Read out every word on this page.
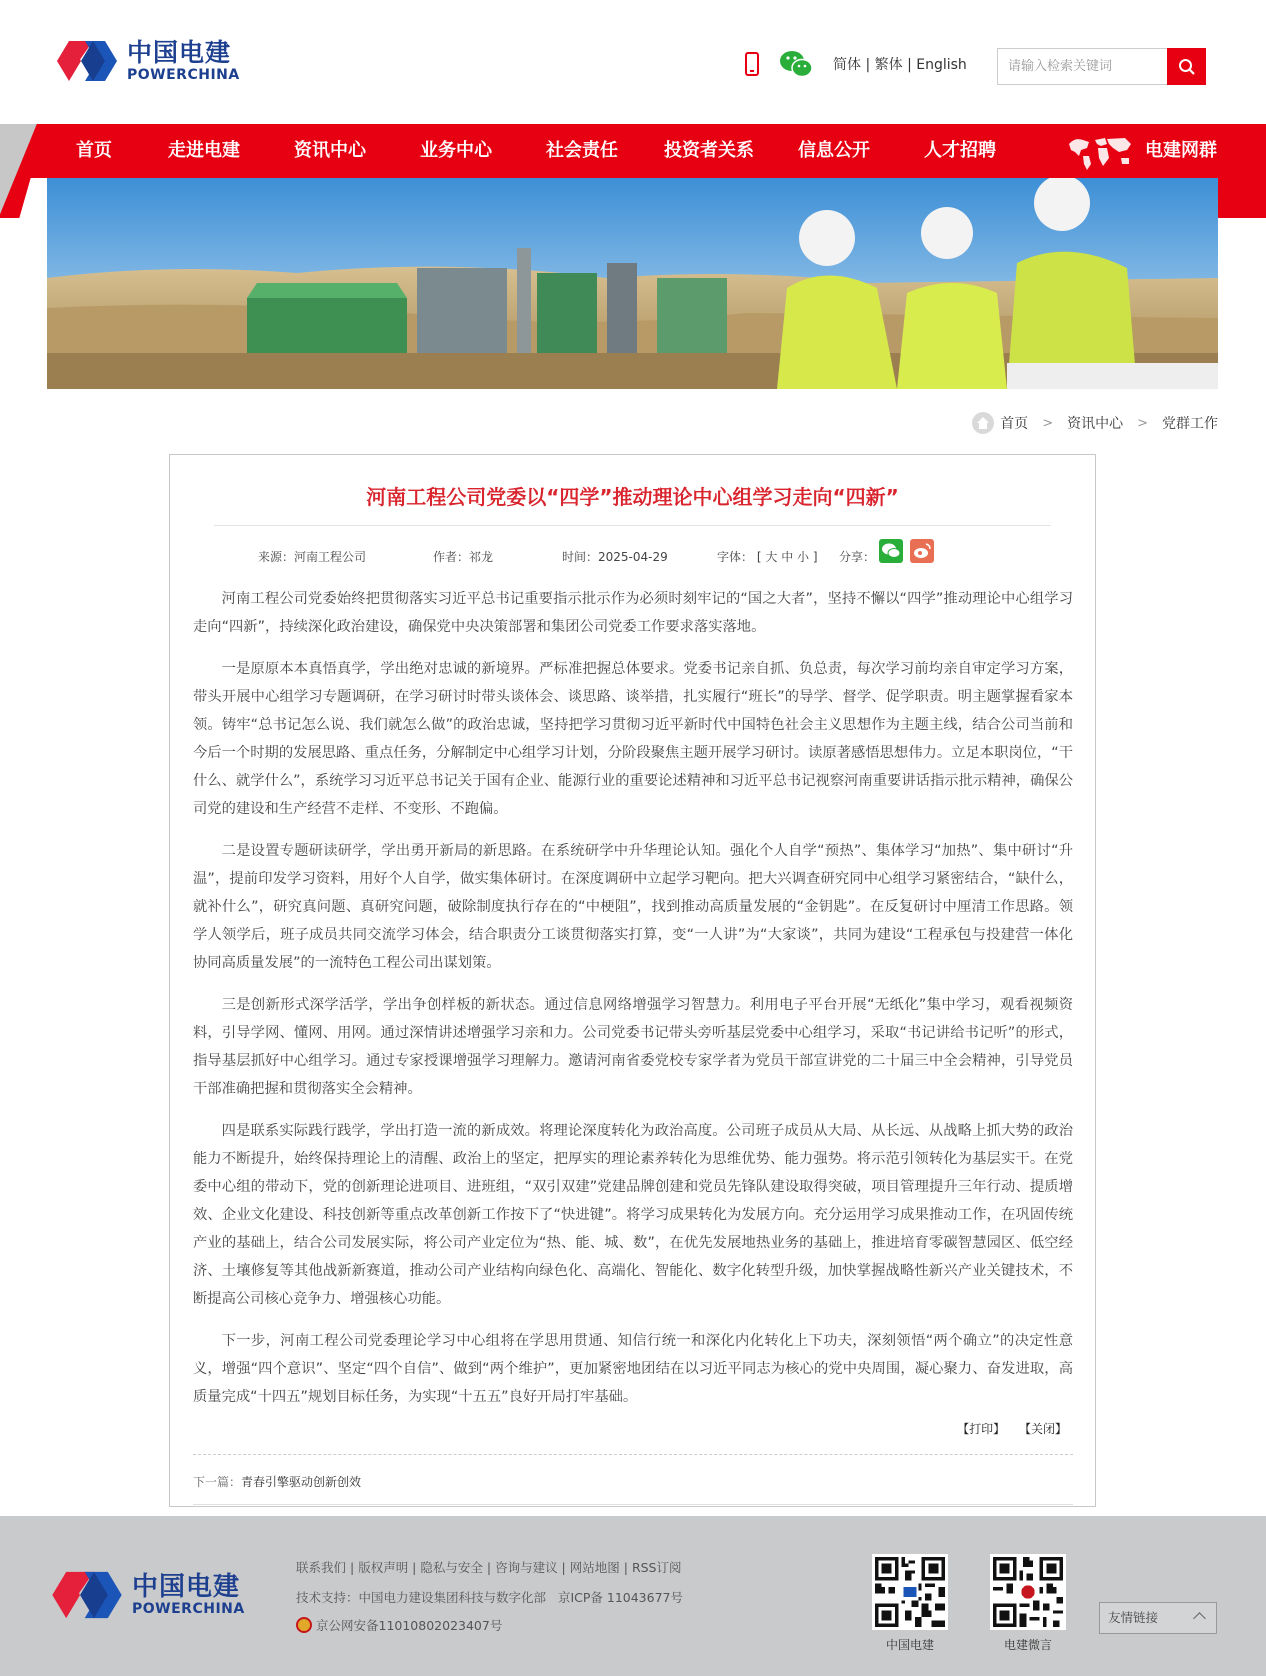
中国电建
POWERCHINA
简体 | 繁体 | English
请输入检索关键词
首页	走进电建	资讯中心	业务中心	社会责任	投资者关系 信息公开	人才招聘	电建网群
首页 > 资讯中心 > 党群工作
河南工程公司党委以“四学”推动理论中心组学习走向“四新”
来源：河南工程公司	作者：祁龙	时间：2025-04-29	字体： [ 大 中 小 ] 分享：

河南工程公司党委始终把贯彻落实习近平总书记重要指示批示作为必须时刻牢记的“国之大者”，坚持不懈以“四学”推动理论中心组学习走向“四新”，持续深化政治建设，确保党中央决策部署和集团公司党委工作要求落实落地。

一是原原本本真悟真学，学出绝对忠诚的新境界。严标准把握总体要求。党委书记亲自抓、负总责，每次学习前均亲自审定学习方案，带头开展中心组学习专题调研，在学习研讨时带头谈体会、谈思路、谈举措，扎实履行“班长”的导学、督学、促学职责。明主题掌握看家本领。铸牢“总书记怎么说、我们就怎么做”的政治忠诚，坚持把学习贯彻习近平新时代中国特色社会主义思想作为主题主线，结合公司当前和今后一个时期的发展思路、重点任务，分解制定中心组学习计划，分阶段聚焦主题开展学习研讨。读原著感悟思想伟力。立足本职岗位，“干什么、就学什么”，系统学习习近平总书记关于国有企业、能源行业的重要论述精神和习近平总书记视察河南重要讲话指示批示精神，确保公司党的建设和生产经营不走样、不变形、不跑偏。

二是设置专题研读研学，学出勇开新局的新思路。在系统研学中升华理论认知。强化个人自学“预热”、集体学习“加热”、集中研讨“升温”，提前印发学习资料，用好个人自学，做实集体研讨。在深度调研中立起学习靶向。把大兴调查研究同中心组学习紧密结合，“缺什么，就补什么”，研究真问题、真研究问题，破除制度执行存在的“中梗阻”，找到推动高质量发展的“金钥匙”。在反复研讨中厘清工作思路。领学人领学后，班子成员共同交流学习体会，结合职责分工谈贯彻落实打算，变“一人讲”为“大家谈”，共同为建设“工程承包与投建营一体化协同高质量发展”的一流特色工程公司出谋划策。

三是创新形式深学活学，学出争创样板的新状态。通过信息网络增强学习智慧力。利用电子平台开展“无纸化”集中学习，观看视频资料，引导学网、懂网、用网。通过深情讲述增强学习亲和力。公司党委书记带头旁听基层党委中心组学习，采取“书记讲给书记听”的形式，指导基层抓好中心组学习。通过专家授课增强学习理解力。邀请河南省委党校专家学者为党员干部宣讲党的二十届三中全会精神，引导党员干部准确把握和贯彻落实全会精神。

四是联系实际践行践学，学出打造一流的新成效。将理论深度转化为政治高度。公司班子成员从大局、从长远、从战略上抓大势的政治能力不断提升，始终保持理论上的清醒、政治上的坚定，把厚实的理论素养转化为思维优势、能力强势。将示范引领转化为基层实干。在党委中心组的带动下，党的创新理论进项目、进班组，“双引双建”党建品牌创建和党员先锋队建设取得突破，项目管理提升三年行动、提质增效、企业文化建设、科技创新等重点改革创新工作按下了“快进键”。将学习成果转化为发展方向。充分运用学习成果推动工作，在巩固传统产业的基础上，结合公司发展实际，将公司产业定位为“热、能、城、数”，在优先发展地热业务的基础上，推进培育零碳智慧园区、低空经济、土壤修复等其他战新新赛道，推动公司产业结构向绿色化、高端化、智能化、数字化转型升级，加快掌握战略性新兴产业关键技术，不断提高公司核心竞争力、增强核心功能。

下一步，河南工程公司党委理论学习中心组将在学思用贯通、知信行统一和深化内化转化上下功夫，深刻领悟“两个确立”的决定性意义，增强“四个意识”、坚定“四个自信”、做到“两个维护”，更加紧密地团结在以习近平同志为核心的党中央周围，凝心聚力、奋发进取，高质量完成“十四五”规划目标任务，为实现“十五五”良好开局打牢基础。

【打印】 【关闭】
下一篇：青春引擎驱动创新创效
中国电建
POWERCHINA
联系我们 | 版权声明 | 隐私与安全 | 咨询与建议 | 网站地图 | RSS订阅
技术支持：中国电力建设集团科技与数字化部 京ICP备 11043677号
京公网安备11010802023407号
中国电建	电建微言
友情链接
